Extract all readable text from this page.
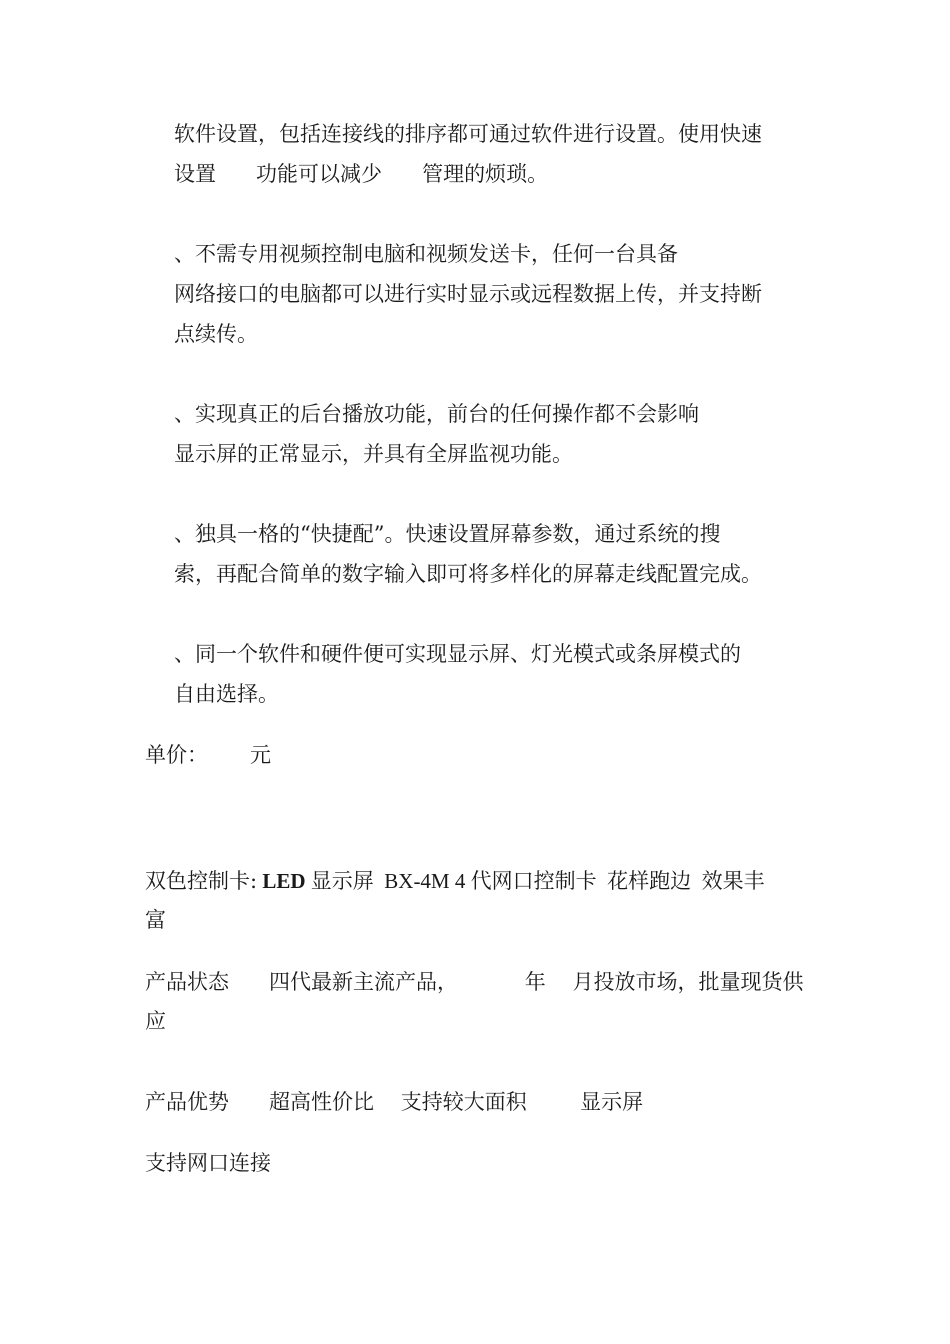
软件设置，包括连接线的排序都可通过软件进行设置。使用快速
设置      功能可以减少      管理的烦琐。
、不需专用视频控制电脑和视频发送卡，任何一台具备
网络接口的电脑都可以进行实时显示或远程数据上传，并支持断
点续传。
、实现真正的后台播放功能，前台的任何操作都不会影响
显示屏的正常显示，并具有全屏监视功能。
、独具一格的“快捷配”。快速设置屏幕参数，通过系统的搜
索，再配合简单的数字输入即可将多样化的屏幕走线配置完成。
、同一个软件和硬件便可实现显示屏、灯光模式或条屏模式的
自由选择。
单价： 元
双色控制卡: LED 显示屏  BX-4M 4 代网口控制卡  花样跑边  效果丰
富
产品状态      四代最新主流产品，          年    月投放市场，批量现货供
应
产品优势      超高性价比    支持较大面积        显示屏
支持网口连接
